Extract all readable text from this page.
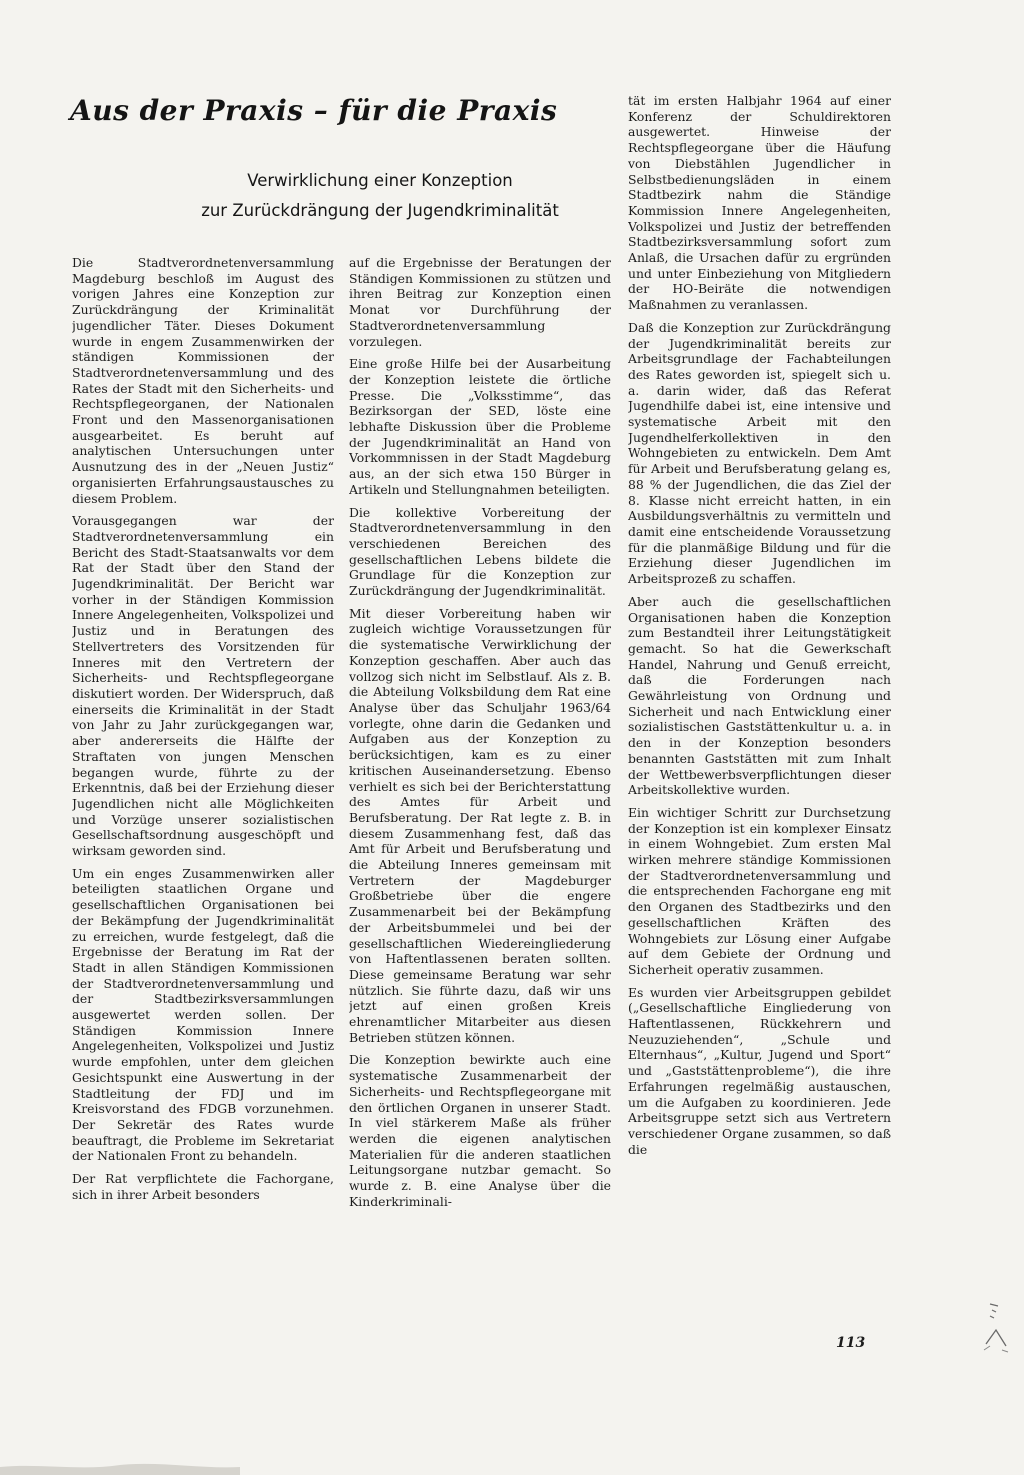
Aus der Praxis – für die Praxis
Verwirklichung einer Konzeption
zur Zurückdrängung der Jugendkriminalität

Die Stadtverordnetenversammlung Magdeburg beschloß im August des vorigen Jahres eine Konzeption zur Zurückdrängung der Kriminalität jugendlicher Täter. Dieses Dokument wurde in engem Zusammenwirken der ständigen Kommissionen der Stadtverordnetenversammlung und des Rates der Stadt mit den Sicherheits- und Rechtspflegeorganen, der Nationalen Front und den Massenorganisationen ausgearbeitet. Es beruht auf analytischen Untersuchungen unter Ausnutzung des in der „Neuen Justiz“ organisierten Erfahrungsaustausches zu diesem Problem.

Vorausgegangen war der Stadtverordnetenversammlung ein Bericht des Stadt-Staatsanwalts vor dem Rat der Stadt über den Stand der Jugendkriminalität. Der Bericht war vorher in der Ständigen Kommission Innere Angelegenheiten, Volkspolizei und Justiz und in Beratungen des Stellvertreters des Vorsitzenden für Inneres mit den Vertretern der Sicherheits- und Rechtspflegeorgane diskutiert worden. Der Widerspruch, daß einerseits die Kriminalität in der Stadt von Jahr zu Jahr zurückgegangen war, aber andererseits die Hälfte der Straftaten von jungen Menschen begangen wurde, führte zu der Erkenntnis, daß bei der Erziehung dieser Jugendlichen nicht alle Möglichkeiten und Vorzüge unserer sozialistischen Gesellschaftsordnung ausgeschöpft und wirksam geworden sind.

Um ein enges Zusammenwirken aller beteiligten staatlichen Organe und gesellschaftlichen Organisationen bei der Bekämpfung der Jugendkriminalität zu erreichen, wurde festgelegt, daß die Ergebnisse der Beratung im Rat der Stadt in allen Ständigen Kommissionen der Stadtverordnetenversammlung und der Stadtbezirksversammlungen ausgewertet werden sollen. Der Ständigen Kommission Innere Angelegenheiten, Volkspolizei und Justiz wurde empfohlen, unter dem gleichen Gesichtspunkt eine Auswertung in der Stadtleitung der FDJ und im Kreisvorstand des FDGB vorzunehmen. Der Sekretär des Rates wurde beauftragt, die Probleme im Sekretariat der Nationalen Front zu behandeln.

Der Rat verpflichtete die Fachorgane, sich in ihrer Arbeit besonders

auf die Ergebnisse der Beratungen der Ständigen Kommissionen zu stützen und ihren Beitrag zur Konzeption einen Monat vor Durchführung der Stadtverordnetenversammlung vorzulegen.

Eine große Hilfe bei der Ausarbeitung der Konzeption leistete die örtliche Presse. Die „Volksstimme“, das Bezirksorgan der SED, löste eine lebhafte Diskussion über die Probleme der Jugendkriminalität an Hand von Vorkommnissen in der Stadt Magdeburg aus, an der sich etwa 150 Bürger in Artikeln und Stellungnahmen beteiligten.

Die kollektive Vorbereitung der Stadtverordnetenversammlung in den verschiedenen Bereichen des gesellschaftlichen Lebens bildete die Grundlage für die Konzeption zur Zurückdrängung der Jugendkriminalität.

Mit dieser Vorbereitung haben wir zugleich wichtige Voraussetzungen für die systematische Verwirklichung der Konzeption geschaffen. Aber auch das vollzog sich nicht im Selbstlauf. Als z. B. die Abteilung Volksbildung dem Rat eine Analyse über das Schuljahr 1963/64 vorlegte, ohne darin die Gedanken und Aufgaben aus der Konzeption zu berücksichtigen, kam es zu einer kritischen Auseinandersetzung. Ebenso verhielt es sich bei der Berichterstattung des Amtes für Arbeit und Berufsberatung. Der Rat legte z. B. in diesem Zusammenhang fest, daß das Amt für Arbeit und Berufsberatung und die Abteilung Inneres gemeinsam mit Vertretern der Magdeburger Großbetriebe über die engere Zusammenarbeit bei der Bekämpfung der Arbeitsbummelei und bei der gesellschaftlichen Wiedereingliederung von Haftentlassenen beraten sollten. Diese gemeinsame Beratung war sehr nützlich. Sie führte dazu, daß wir uns jetzt auf einen großen Kreis ehrenamtlicher Mitarbeiter aus diesen Betrieben stützen können.

Die Konzeption bewirkte auch eine systematische Zusammenarbeit der Sicherheits- und Rechtspflegeorgane mit den örtlichen Organen in unserer Stadt. In viel stärkerem Maße als früher werden die eigenen analytischen Materialien für die anderen staatlichen Leitungsorgane nutzbar gemacht. So wurde z. B. eine Analyse über die Kinderkriminali-

tät im ersten Halbjahr 1964 auf einer Konferenz der Schuldirektoren ausgewertet. Hinweise der Rechtspflegeorgane über die Häufung von Diebstählen Jugendlicher in Selbstbedienungsläden in einem Stadtbezirk nahm die Ständige Kommission Innere Angelegenheiten, Volkspolizei und Justiz der betreffenden Stadtbezirksversammlung sofort zum Anlaß, die Ursachen dafür zu ergründen und unter Einbeziehung von Mitgliedern der HO-Beiräte die notwendigen Maßnahmen zu veranlassen.

Daß die Konzeption zur Zurückdrängung der Jugendkriminalität bereits zur Arbeitsgrundlage der Fachabteilungen des Rates geworden ist, spiegelt sich u. a. darin wider, daß das Referat Jugendhilfe dabei ist, eine intensive und systematische Arbeit mit den Jugendhelferkollektiven in den Wohngebieten zu entwickeln. Dem Amt für Arbeit und Berufsberatung gelang es, 88 % der Jugendlichen, die das Ziel der 8. Klasse nicht erreicht hatten, in ein Ausbildungsverhältnis zu vermitteln und damit eine entscheidende Voraussetzung für die planmäßige Bildung und für die Erziehung dieser Jugendlichen im Arbeitsprozeß zu schaffen.

Aber auch die gesellschaftlichen Organisationen haben die Konzeption zum Bestandteil ihrer Leitungstätigkeit gemacht. So hat die Gewerkschaft Handel, Nahrung und Genuß erreicht, daß die Forderungen nach Gewährleistung von Ordnung und Sicherheit und nach Entwicklung einer sozialistischen Gaststättenkultur u. a. in den in der Konzeption besonders benannten Gaststätten mit zum Inhalt der Wettbewerbsverpflichtungen dieser Arbeitskollektive wurden.

Ein wichtiger Schritt zur Durchsetzung der Konzeption ist ein komplexer Einsatz in einem Wohngebiet. Zum ersten Mal wirken mehrere ständige Kommissionen der Stadtverordnetenversammlung und die entsprechenden Fachorgane eng mit den Organen des Stadtbezirks und den gesellschaftlichen Kräften des Wohngebiets zur Lösung einer Aufgabe auf dem Gebiete der Ordnung und Sicherheit operativ zusammen.

Es wurden vier Arbeitsgruppen gebildet („Gesellschaftliche Eingliederung von Haftentlassenen, Rückkehrern und Neuzuziehenden“, „Schule und Elternhaus“, „Kultur, Jugend und Sport“ und „Gaststättenprobleme“), die ihre Erfahrungen regelmäßig austauschen, um die Aufgaben zu koordinieren. Jede Arbeitsgruppe setzt sich aus Vertretern verschiedener Organe zusammen, so daß die

113
